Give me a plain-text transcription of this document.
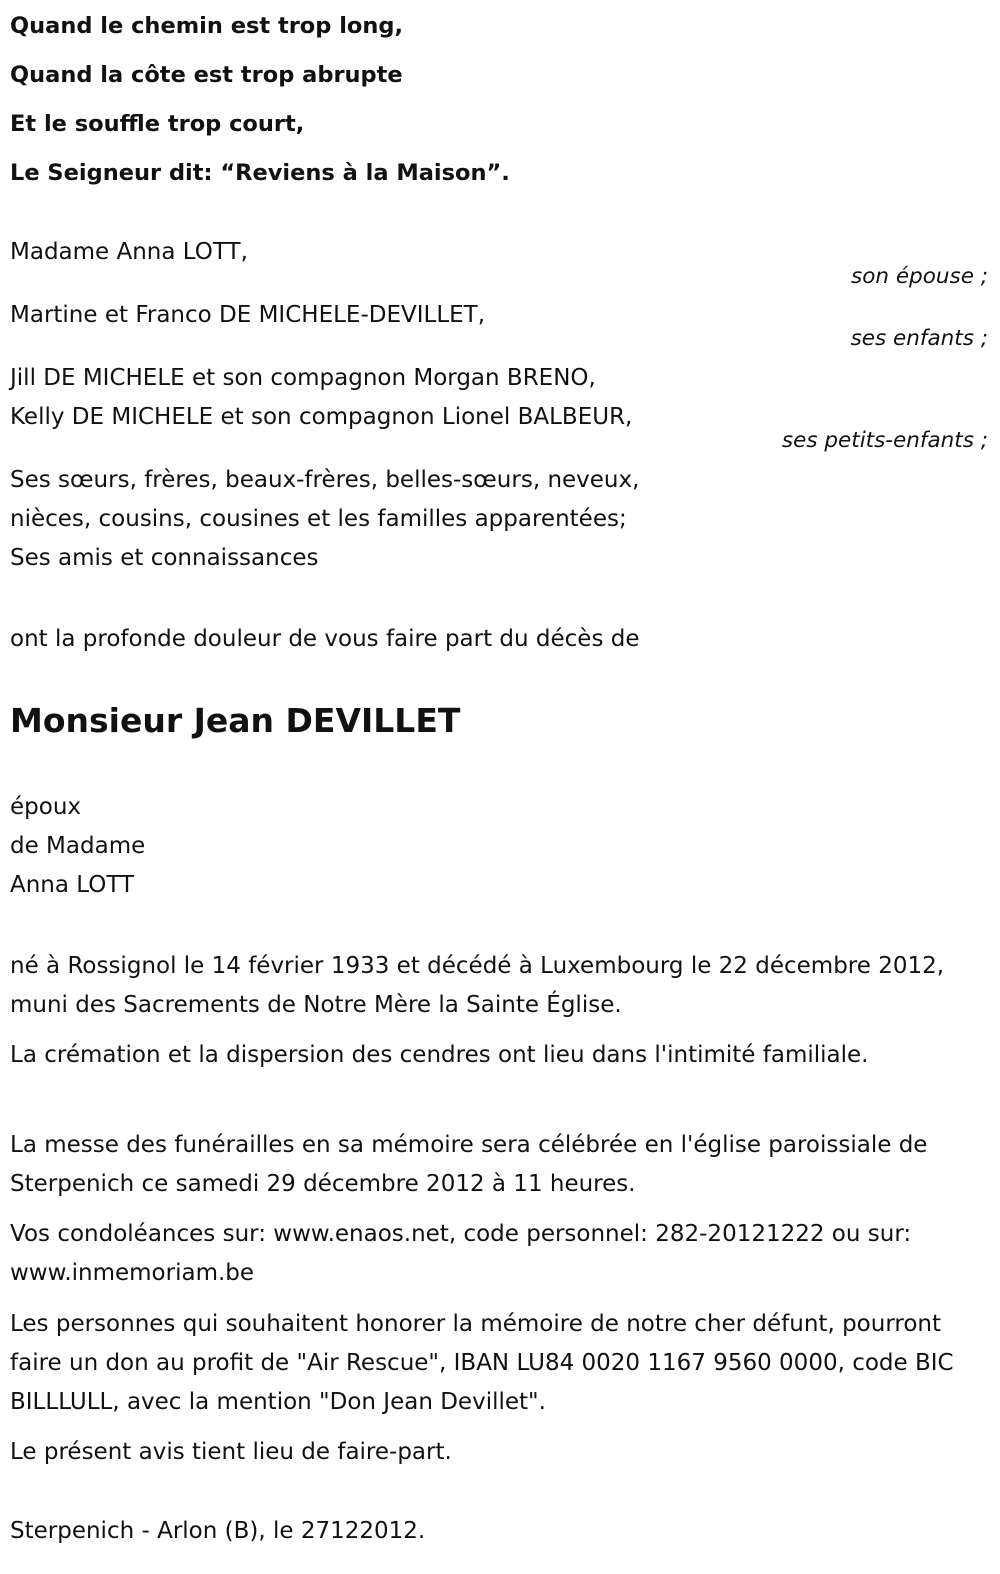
Quand le chemin est trop long,

Quand la côte est trop abrupte

Et le souffle trop court,

Le Seigneur dit: “Reviens à la Maison”.

Madame Anna LOTT,

son épouse ;

Martine et Franco DE MICHELE-DEVILLET,

ses enfants ;

Jill DE MICHELE et son compagnon Morgan BRENO,

Kelly DE MICHELE et son compagnon Lionel BALBEUR,

ses petits-enfants ;

Ses sœurs, frères, beaux-frères, belles-sœurs, neveux,

nièces, cousins, cousines et les familles apparentées;

Ses amis et connaissances

ont la profonde douleur de vous faire part du décès de
Monsieur Jean DEVILLET

époux

de Madame

Anna LOTT

né à Rossignol le 14 février 1933 et décédé à Luxembourg le 22 décembre 2012, muni des Sacrements de Notre Mère la Sainte Église.
La crémation et la dispersion des cendres ont lieu dans l'intimité familiale.
La messe des funérailles en sa mémoire sera célébrée en l'église paroissiale de Sterpenich ce samedi 29 décembre 2012 à 11 heures.
Vos condoléances sur: www.enaos.net, code personnel: 282-20121222 ou sur: www.inmemoriam.be
Les personnes qui souhaitent honorer la mémoire de notre cher défunt, pourront faire un don au profit de "Air Rescue", IBAN LU84 0020 1167 9560 0000, code BIC BILLLULL, avec la mention "Don Jean Devillet".
Le présent avis tient lieu de faire-part.
Sterpenich - Arlon (B), le 27122012.
